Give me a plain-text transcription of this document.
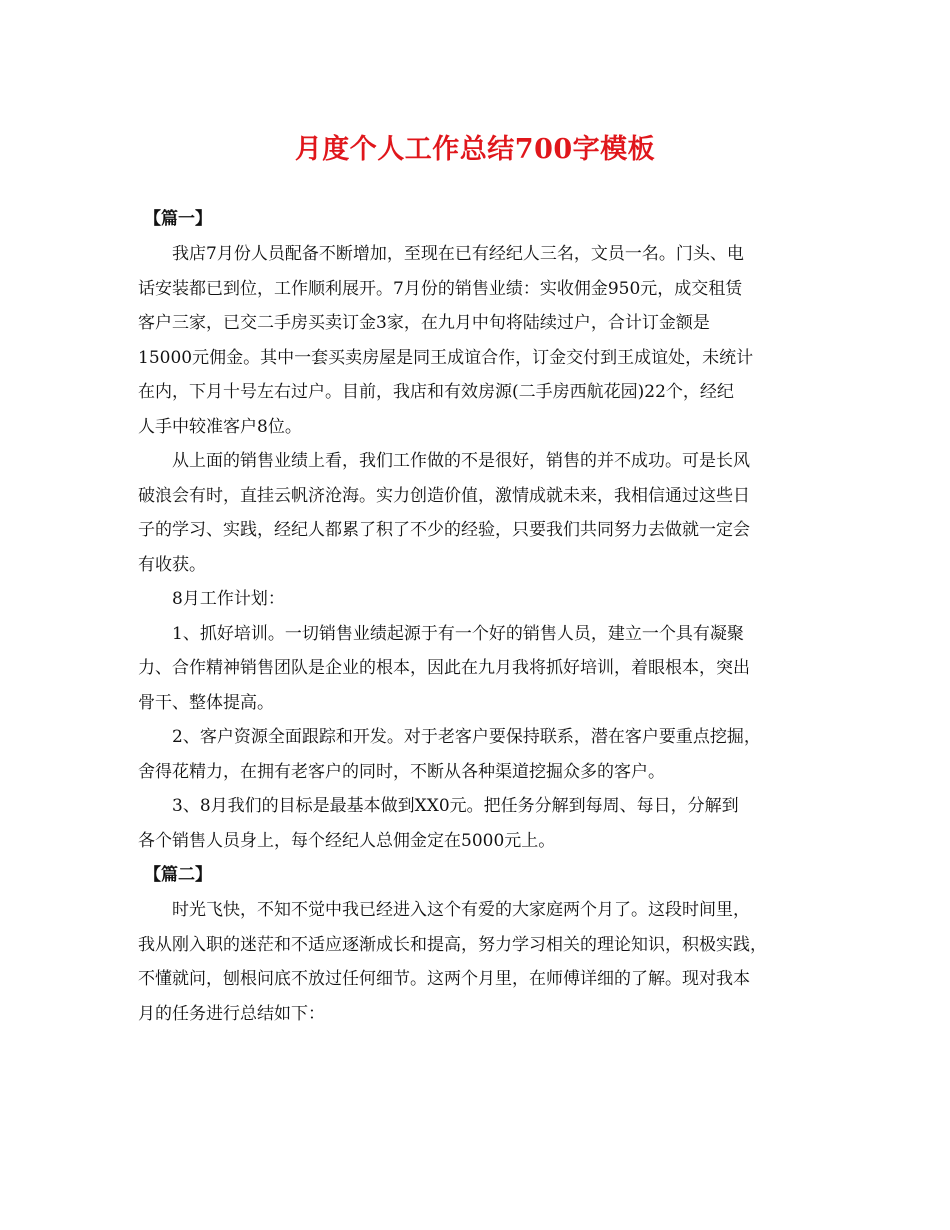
月度个人工作总结700字模板

【篇一】

我店7月份人员配备不断增加，至现在已有经纪人三名，文员一名。门头、电
话安装都已到位，工作顺利展开。7月份的销售业绩：实收佣金950元，成交租赁
客户三家，已交二手房买卖订金3家，在九月中旬将陆续过户，合计订金额是
15000元佣金。其中一套买卖房屋是同王成谊合作，订金交付到王成谊处，未统计
在内，下月十号左右过户。目前，我店和有效房源(二手房西航花园)22个，经纪
人手中较准客户8位。

从上面的销售业绩上看，我们工作做的不是很好，销售的并不成功。可是长风
破浪会有时，直挂云帆济沧海。实力创造价值，激情成就未来，我相信通过这些日
子的学习、实践，经纪人都累了积了不少的经验，只要我们共同努力去做就一定会
有收获。

8月工作计划：

1、抓好培训。一切销售业绩起源于有一个好的销售人员，建立一个具有凝聚
力、合作精神销售团队是企业的根本，因此在九月我将抓好培训，着眼根本，突出
骨干、整体提高。

2、客户资源全面跟踪和开发。对于老客户要保持联系，潜在客户要重点挖掘，
舍得花精力，在拥有老客户的同时，不断从各种渠道挖掘众多的客户。

3、8月我们的目标是最基本做到XX0元。把任务分解到每周、每日，分解到
各个销售人员身上，每个经纪人总佣金定在5000元上。

【篇二】

时光飞快，不知不觉中我已经进入这个有爱的大家庭两个月了。这段时间里，
我从刚入职的迷茫和不适应逐渐成长和提高，努力学习相关的理论知识，积极实践，
不懂就问，刨根问底不放过任何细节。这两个月里，在师傅详细的了解。现对我本
月的任务进行总结如下：
